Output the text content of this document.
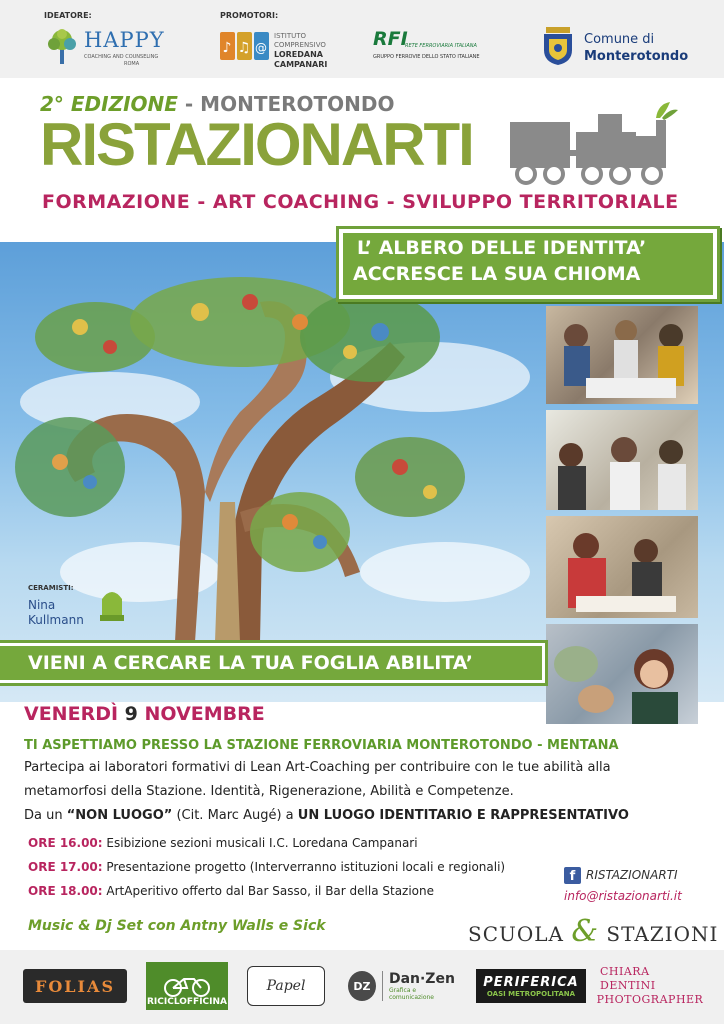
IDEATORE:	PROMOTORI:
HAPPY
COACHING AND COUNSELING
ROMA
♪ ♫ @
ISTITUTO
COMPRENSIVO
LOREDANA
CAMPANARI
RFI
RETE FERROVIARIA ITALIANA
GRUPPO FERROVIE DELLO STATO ITALIANE
Comune di
Monterotondo
2° EDIZIONE - MONTEROTONDO
RISTAZIONARTI
FORMAZIONE - ART COACHING - SVILUPPO TERRITORIALE
L’ ALBERO DELLE IDENTITA’
ACCRESCE LA SUA CHIOMA
CERAMISTI:
Nina
Kullmann
VIENI A CERCARE LA TUA FOGLIA ABILITA’
VENERDÌ 9 NOVEMBRE
TI ASPETTIAMO PRESSO LA STAZIONE FERROVIARIA MONTEROTONDO - MENTANA
Partecipa ai laboratori formativi di Lean Art-Coaching per contribuire con le tue abilità alla
metamorfosi della Stazione. Identità, Rigenerazione, Abilità e Competenze.
Da un “NON LUOGO” (Cit. Marc Augé) a UN LUOGO IDENTITARIO E RAPPRESENTATIVO
ORE 16.00: Esibizione sezioni musicali I.C. Loredana Campanari
ORE 17.00: Presentazione progetto (Interverranno istituzioni locali e regionali)
ORE 18.00: ArtAperitivo offerto dal Bar Sasso, il Bar della Stazione
f RISTAZIONARTI
info@ristazionarti.it
Music & Dj Set con Antny Walls e Sick	SCUOLA & STAZIONI
FOLIAS
RICICLOFFICINA
Papel	DZ	Dan·Zen
Grafica e comunicazione
PERIFERICA
OASI METROPOLITANA
CHIARA DENTINI
PHOTOGRAPHER
